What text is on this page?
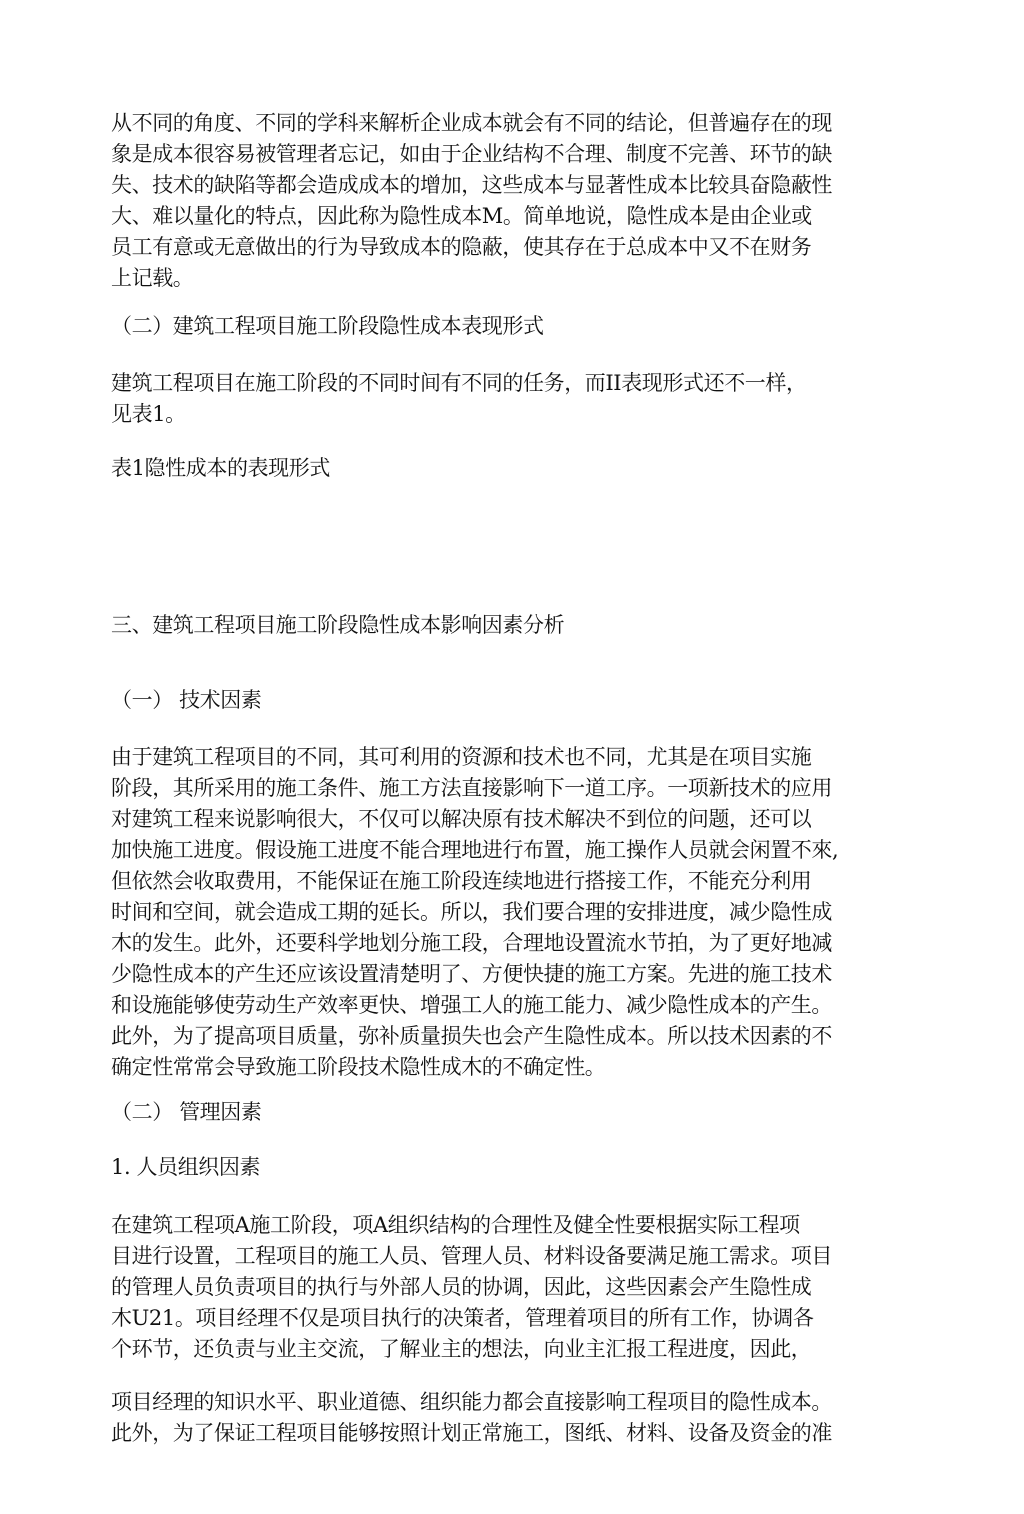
从不同的角度、不同的学科来解析企业成本就会有不同的结论，但普遍存在的现
象是成本很容易被管理者忘记，如由于企业结构不合理、制度不完善、环节的缺
失、技术的缺陷等都会造成成本的增加，这些成本与显著性成本比较具奋隐蔽性
大、难以量化的特点，因此称为隐性成本M。简单地说，隐性成本是由企业或
员工有意或无意做出的行为导致成本的隐蔽，使其存在于总成本中又不在财务
上记载。
（二）建筑工程项目施工阶段隐性成本表现形式
建筑工程项目在施工阶段的不同时间有不同的任务，而II表现形式还不一样，
见表1。
表1隐性成本的表现形式
三、建筑工程项目施工阶段隐性成本影响因素分析
（一） 技术因素
由于建筑工程项目的不同，其可利用的资源和技术也不同，尤其是在项目实施
阶段，其所采用的施工条件、施工方法直接影响下一道工序。一项新技术的应用
对建筑工程来说影响很大，不仅可以解决原有技术解决不到位的问题，还可以
加快施工进度。假设施工进度不能合理地进行布置，施工操作人员就会闲置不來,
但依然会收取费用，不能保证在施工阶段连续地进行搭接工作，不能充分利用
时间和空间，就会造成工期的延长。所以，我们要合理的安排进度，减少隐性成
木的发生。此外，还要科学地划分施工段，合理地设置流水节拍，为了更好地减
少隐性成本的产生还应该设置清楚明了、方便快捷的施工方案。先进的施工技术
和设施能够使劳动生产效率更快、增强工人的施工能力、减少隐性成本的产生。
此外，为了提高项目质量，弥补质量损失也会产生隐性成本。所以技术因素的不
确定性常常会导致施工阶段技术隐性成木的不确定性。
（二） 管理因素
1. 人员组织因素
在建筑工程项A施工阶段，项A组织结构的合理性及健全性要根据实际工程项
目进行设置，工程项目的施工人员、管理人员、材料设备要满足施工需求。项目
的管理人员负责项目的执行与外部人员的协调，因此，这些因素会产生隐性成
木U21。项目经理不仅是项目执行的决策者，管理着项目的所有工作，协调各
个环节，还负责与业主交流，了解业主的想法，向业主汇报工程进度，因此，
项目经理的知识水平、职业道德、组织能力都会直接影响工程项目的隐性成本。
此外，为了保证工程项目能够按照计划正常施工，图纸、材料、设备及资金的准
